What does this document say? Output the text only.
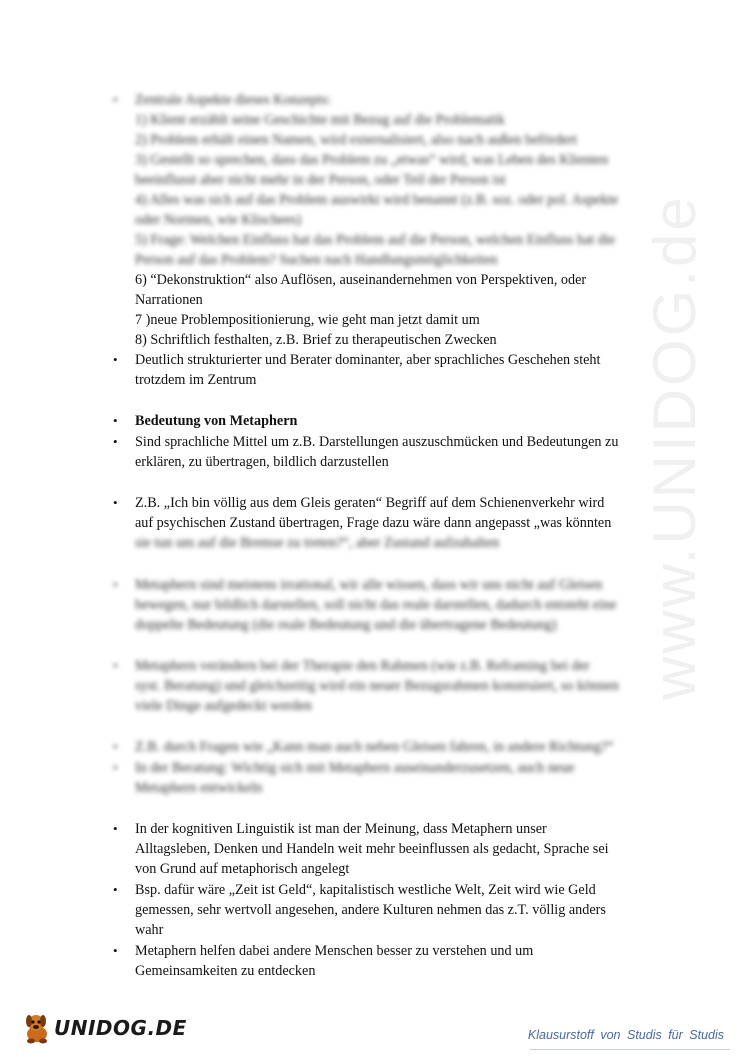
www.UNIDOG.de
•
•
•
•
•
•
•
•
•
•
•
•
Zentrale Aspekte dieses Konzepts:
1) Klient erzählt seine Geschichte mit Bezug auf die Problematik
2) Problem erhält einen Namen, wird externalisiert, also nach außen befördert
3) Gestellt so sprechen, dass das Problem zu „etwas“ wird, was Leben des Klienten
beeinflusst aber nicht mehr in der Person, oder Teil der Person ist
4) Alles was sich auf das Problem auswirkt wird benannt (z.B. soz. oder pol. Aspekte
oder Normen, wie Klischees)
5) Frage: Welchen Einfluss hat das Problem auf die Person, welchen Einfluss hat die
Person auf das Problem? Suchen nach Handlungsmöglichkeiten
6) “Dekonstruktion“ also Auflösen, auseinandernehmen von Perspektiven, oder
Narrationen
7 )neue Problempositionierung, wie geht man jetzt damit um
8) Schriftlich festhalten, z.B. Brief zu therapeutischen Zwecken
Deutlich strukturierter und Berater dominanter, aber sprachliches Geschehen steht
trotzdem im Zentrum
Bedeutung von Metaphern
Sind sprachliche Mittel um z.B. Darstellungen auszuschmücken und Bedeutungen zu
erklären, zu übertragen, bildlich darzustellen
Z.B. „Ich bin völlig aus dem Gleis geraten“ Begriff auf dem Schienenverkehr wird
auf psychischen Zustand übertragen, Frage dazu wäre dann angepasst „was könnten
sie tun um auf die Bremse zu treten?“, aber Zustand aufzuhalten
Metaphern sind meistens irrational, wir alle wissen, dass wir uns nicht auf Gleisen
bewegen, nur bildlich darstellen, soll nicht das reale darstellen, dadurch entsteht eine
doppelte Bedeutung (die reale Bedeutung und die übertragene Bedeutung)
Metaphern verändern bei der Therapie den Rahmen (wie z.B. Reframing bei der
syst. Beratung) und gleichzeitig wird ein neuer Bezugsrahmen konstruiert, so können
viele Dinge aufgedeckt werden
Z.B. durch Fragen wie „Kann man auch neben Gleisen fahren, in andere Richtung?“
In der Beratung: Wichtig sich mit Metaphern auseinanderzusetzen, auch neue
Metaphern entwickeln
In der kognitiven Linguistik ist man der Meinung, dass Metaphern unser
Alltagsleben, Denken und Handeln weit mehr beeinflussen als gedacht, Sprache sei
von Grund auf metaphorisch angelegt
Bsp. dafür wäre „Zeit ist Geld“, kapitalistisch westliche Welt, Zeit wird wie Geld
gemessen, sehr wertvoll angesehen, andere Kulturen nehmen das z.T. völlig anders
wahr
Metaphern helfen dabei andere Menschen besser zu verstehen und um
Gemeinsamkeiten zu entdecken
UNIDOG.DE	Klausurstoff von Studis für Studis
